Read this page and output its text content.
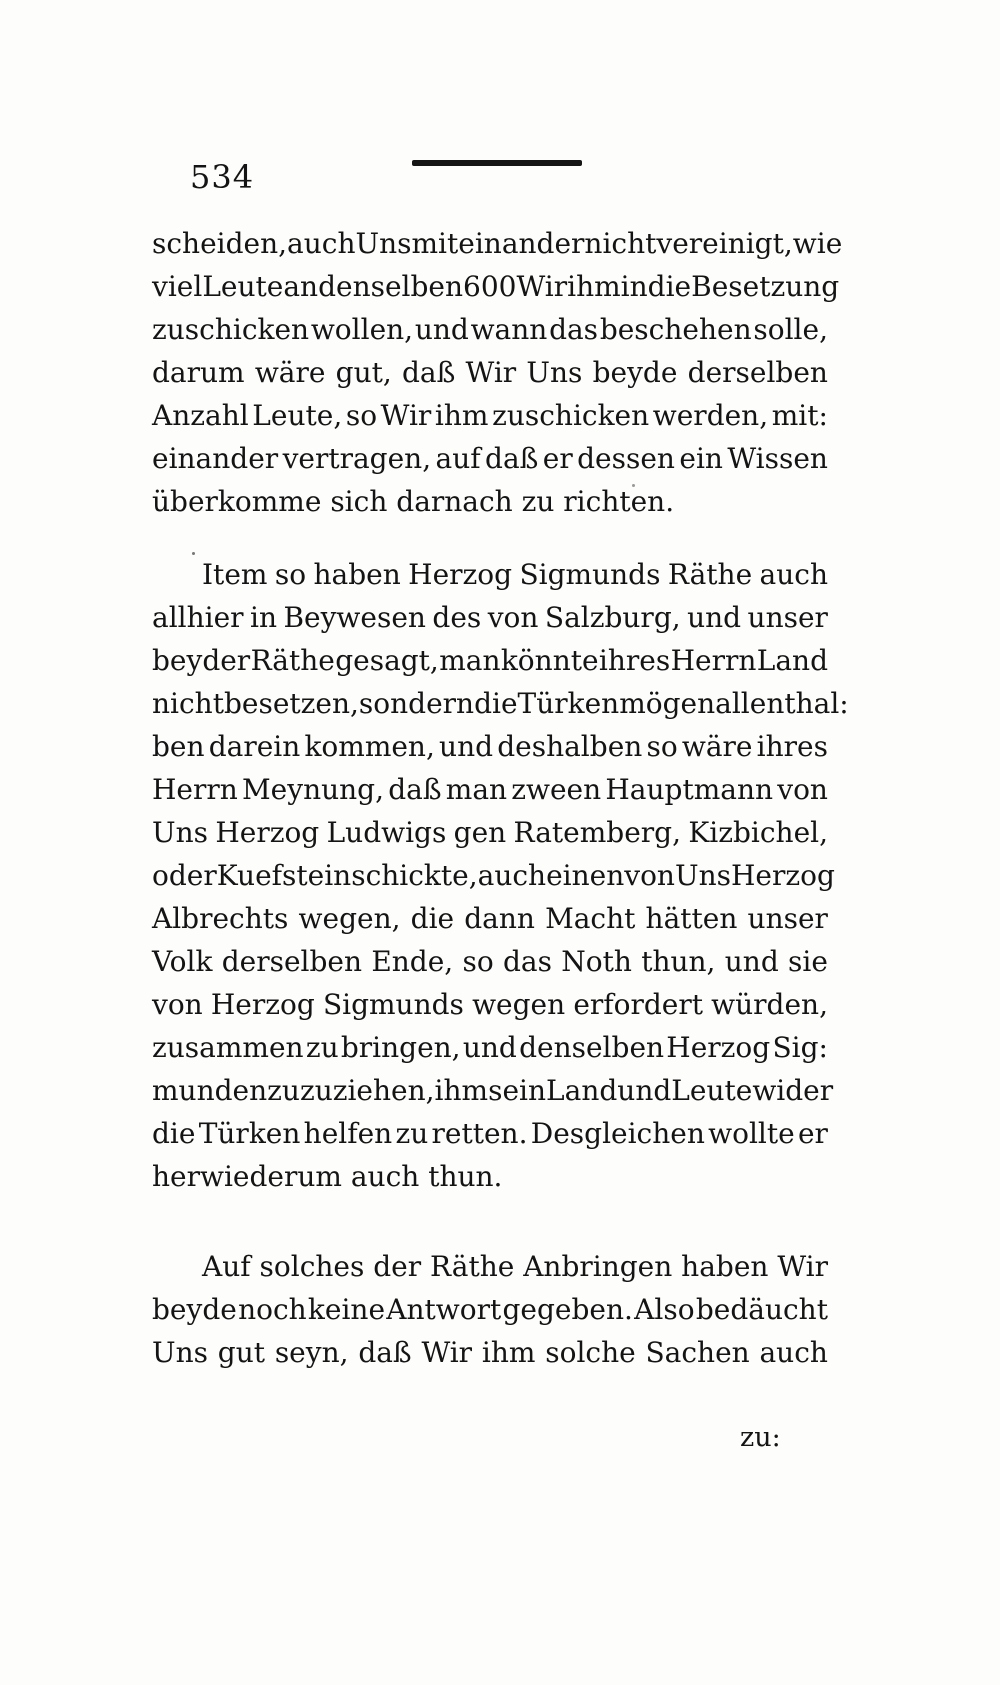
534
scheiden, auch Uns miteinander nicht vereinigt, wie
viel Leute an denselben 600 Wir ihm in die Besetzung
zuschicken wollen, und wann das beschehen solle,
darum wäre gut, daß Wir Uns beyde derselben
Anzahl Leute, so Wir ihm zuschicken werden, mit:
einander vertragen, auf daß er dessen ein Wissen
überkomme sich darnach zu richten.
Item so haben Herzog Sigmunds Räthe auch
allhier in Beywesen des von Salzburg, und unser
beyder Räthe gesagt, man könnte ihres Herrn Land
nicht besetzen, sondern die Türken mögen allenthal:
ben darein kommen, und deshalben so wäre ihres
Herrn Meynung, daß man zween Hauptmann von
Uns Herzog Ludwigs gen Ratemberg, Kizbichel,
oder Kuefstein schickte, auch einen von Uns Herzog
Albrechts wegen, die dann Macht hätten unser
Volk derselben Ende, so das Noth thun, und sie
von Herzog Sigmunds wegen erfordert würden,
zusammen zu bringen, und denselben Herzog Sig:
munden zuzuziehen, ihm sein Land und Leute wider
die Türken helfen zu retten. Desgleichen wollte er
herwiederum auch thun.
Auf solches der Räthe Anbringen haben Wir
beyde noch keine Antwort gegeben. Also bedäucht
Uns gut seyn, daß Wir ihm solche Sachen auch
zu:
